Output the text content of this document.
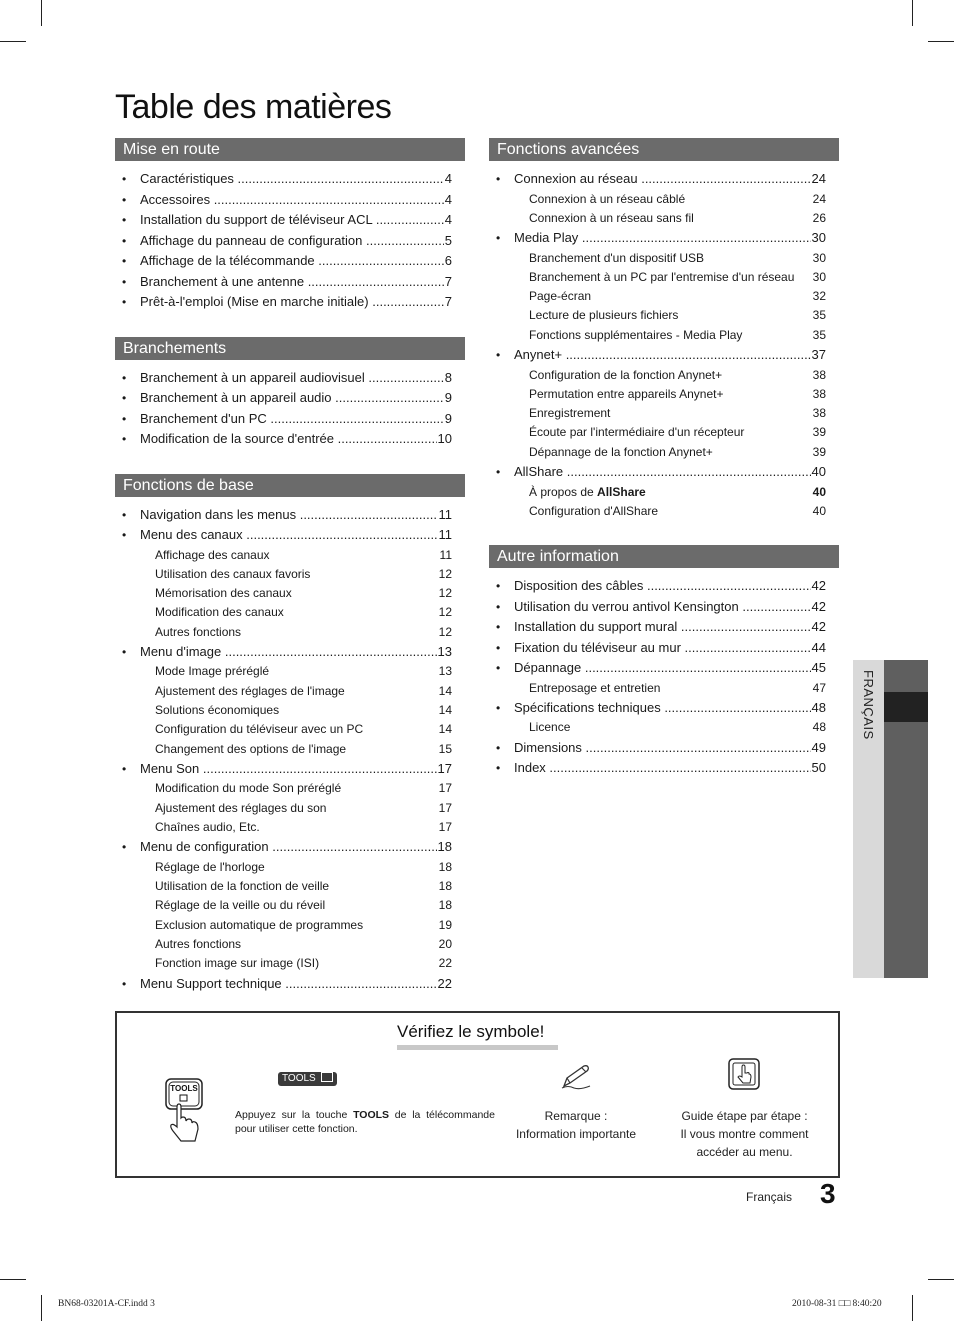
Table des matières
Mise en route
• Caractéristiques .....	4
• Accessoires .....	4
• Installation du support de téléviseur ACL .....	4
• Affichage du panneau de configuration .....	5
• Affichage de la télécommande .....	6
• Branchement à une antenne .....	7
• Prêt-à-l'emploi (Mise en marche initiale) .....	7
Branchements
• Branchement à un appareil audiovisuel .....	8
• Branchement à un appareil audio .....	9
• Branchement d'un PC .....	9
• Modification de la source d'entrée .....	10
Fonctions de base
• Navigation dans les menus .....	11
• Menu des canaux .....	11
Affichage des canaux	11
Utilisation des canaux favoris	12
Mémorisation des canaux	12
Modification des canaux	12
Autres fonctions	12
• Menu d'image .....	13
Mode Image préréglé	13
Ajustement des réglages de l'image	14
Solutions économiques	14
Configuration du téléviseur avec un PC	14
Changement des options de l'image	15
• Menu Son .....	17
Modification du mode Son préréglé	17
Ajustement des réglages du son	17
Chaînes audio, Etc.	17
• Menu de configuration .....	18
Réglage de l'horloge	18
Utilisation de la fonction de veille	18
Réglage de la veille ou du réveil	18
Exclusion automatique de programmes	19
Autres fonctions	20
Fonction image sur image (ISI)	22
• Menu Support technique .....	22
Fonctions avancées
• Connexion au réseau .....	24
Connexion à un réseau câblé	24
Connexion à un réseau sans fil	26
• Media Play .....	30
Branchement d'un dispositif USB	30
Branchement à un PC par l'entremise d'un réseau 30
Page-écran	32
Lecture de plusieurs fichiers	35
Fonctions supplémentaires - Media Play	35
• Anynet+ .....	37
Configuration de la fonction Anynet+	38
Permutation entre appareils Anynet+	38
Enregistrement	38
Écoute par l'intermédiaire d'un récepteur	39
Dépannage de la fonction Anynet+	39
• AllShare .....	40
À propos de AllShare	40
Configuration d'AllShare	40
Autre information
• Disposition des câbles .....	42
• Utilisation du verrou antivol Kensington .....	42
• Installation du support mural .....	42
• Fixation du téléviseur au mur .....	44
• Dépannage .....	45
Entreposage et entretien	47
• Spécifications techniques .....	48
Licence	48
• Dimensions .....	49
• Index .....	50
FRANÇAIS
Vérifiez le symbole!
TOOLS
TOOLS
Appuyez sur la touche TOOLS de la télécommande pour utiliser cette fonction.
Remarque :
Information importante
Guide étape par étape :
Il vous montre comment
accéder au menu.
Français 3
BN68-03201A-CF.indd 3	2010-08-31 □□ 8:40:20
